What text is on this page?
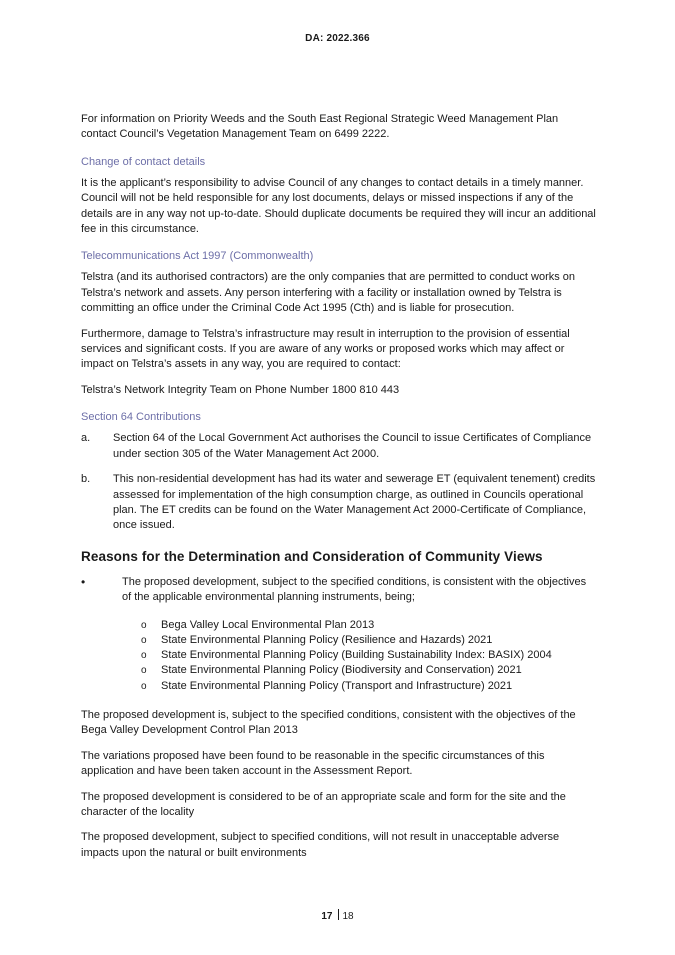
DA: 2022.366

For information on Priority Weeds and the South East Regional Strategic Weed Management Plan contact Council’s Vegetation Management Team on 6499 2222.

Change of contact details

It is the applicant’s responsibility to advise Council of any changes to contact details in a timely manner. Council will not be held responsible for any lost documents, delays or missed inspections if any of the details are in any way not up-to-date. Should duplicate documents be required they will incur an additional fee in this circumstance.

Telecommunications Act 1997 (Commonwealth)

Telstra (and its authorised contractors) are the only companies that are permitted to conduct works on Telstra’s network and assets. Any person interfering with a facility or installation owned by Telstra is committing an office under the Criminal Code Act 1995 (Cth) and is liable for prosecution.

Furthermore, damage to Telstra’s infrastructure may result in interruption to the provision of essential services and significant costs. If you are aware of any works or proposed works which may affect or impact on Telstra’s assets in any way, you are required to contact:

Telstra’s Network Integrity Team on Phone Number 1800 810 443

Section 64 Contributions
a.	Section 64 of the Local Government Act authorises the Council to issue Certificates of Compliance under section 305 of the Water Management Act 2000.
b.	This non-residential development has had its water and sewerage ET (equivalent tenement) credits assessed for implementation of the high consumption charge, as outlined in Councils operational plan. The ET credits can be found on the Water Management Act 2000-Certificate of Compliance, once issued.
Reasons for the Determination and Consideration of Community Views
•	The proposed development, subject to the specified conditions, is consistent with the objectives of the applicable environmental planning instruments, being;
o	Bega Valley Local Environmental Plan 2013
o	State Environmental Planning Policy (Resilience and Hazards) 2021
o	State Environmental Planning Policy (Building Sustainability Index: BASIX) 2004
o	State Environmental Planning Policy (Biodiversity and Conservation) 2021
o	State Environmental Planning Policy (Transport and Infrastructure) 2021

The proposed development is, subject to the specified conditions, consistent with the objectives of the Bega Valley Development Control Plan 2013

The variations proposed have been found to be reasonable in the specific circumstances of this application and have been taken account in the Assessment Report.

The proposed development is considered to be of an appropriate scale and form for the site and the character of the locality

The proposed development, subject to specified conditions, will not result in unacceptable adverse impacts upon the natural or built environments

17 18
